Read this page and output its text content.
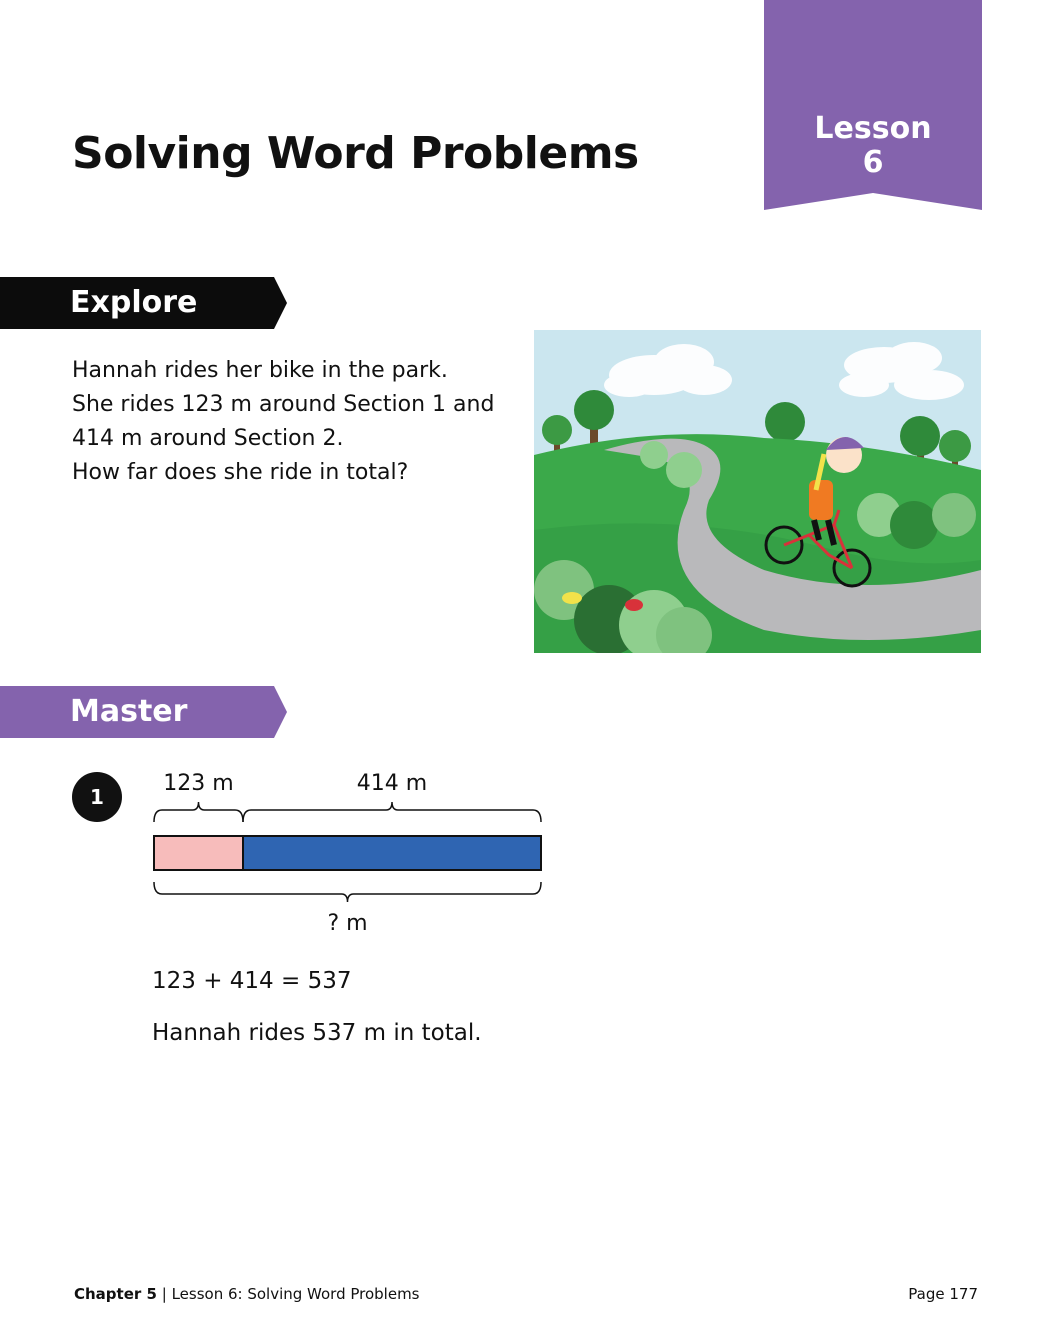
Lesson
6
Solving Word Problems
Explore
Hannah rides her bike in the park.
She rides 123 m around Section 1 and
414 m around Section 2.
How far does she ride in total?
Master
1
123 m	414 m
? m
123 + 414 = 537
Hannah rides 537 m in total.
Chapter 5 | Lesson 6: Solving Word Problems	Page 177
